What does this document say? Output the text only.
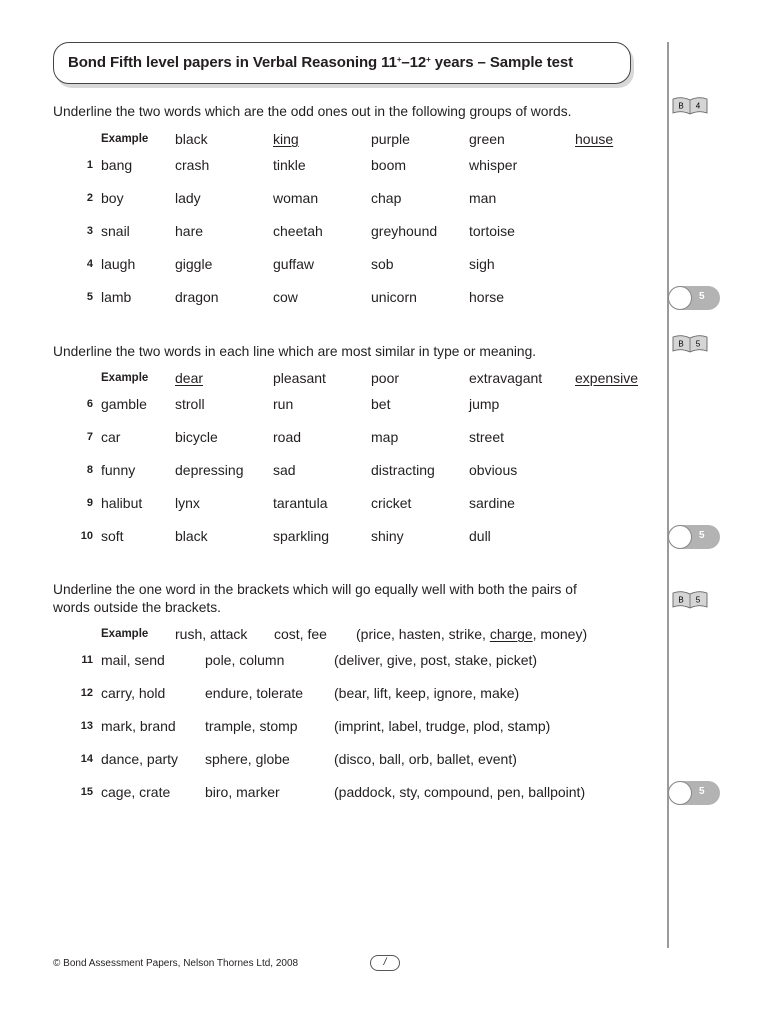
Bond Fifth level papers in Verbal Reasoning 11+–12+ years – Sample test
Underline the two words which are the odd ones out in the following groups of words.	B 4
Example black	king	purple	green	house
1 bang	crash	tinkle	boom	whisper
2 boy	lady	woman	chap	man
3 snail	hare	cheetah	greyhound tortoise
4 laugh	giggle	guffaw	sob	sigh
5 lamb	dragon	cow	unicorn	horse	5
Underline the two words in each line which are most similar in type or meaning.	B 5
Example dear	pleasant	poor	extravagant expensive
6 gamble stroll	run	bet	jump
7 car	bicycle	road	map	street
8 funny	depressing sad	distracting obvious
9 halibut lynx	tarantula	cricket	sardine
10 soft	black	sparkling	shiny	dull	5
Underline the one word in the brackets which will go equally well with both the pairs of
words outside the brackets.	B 5
Example rush, attack cost, fee (price, hasten, strike, charge, money)
11 mail, send	pole, column	(deliver, give, post, stake, picket)
12 carry, hold	endure, tolerate (bear, lift, keep, ignore, make)
13 mark, brand trample, stomp	(imprint, label, trudge, plod, stamp)
14 dance, party sphere, globe	(disco, ball, orb, ballet, event)
15 cage, crate biro, marker	(paddock, sty, compound, pen, ballpoint)	5
© Bond Assessment Papers, Nelson Thornes Ltd, 2008	/
